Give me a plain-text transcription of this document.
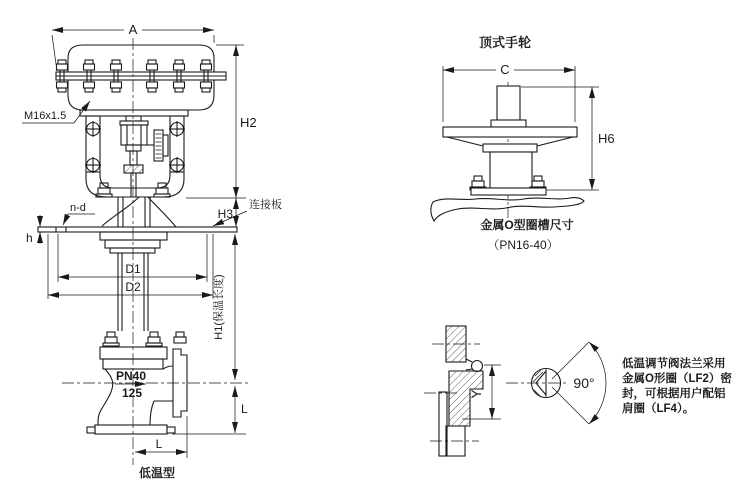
A
M16x1.5	H2
H3
连接板
n-d
h
D1
D2	H1(保温长度)
PN40
125
L
L
低温型
顶式手轮
C
H6
金属O型圈槽尺寸
（PN16-40）
Y
90°
低温调节阀法兰采用
金属O形圈（LF2）密
封，可根据用户配铝
肩圈（LF4）。
